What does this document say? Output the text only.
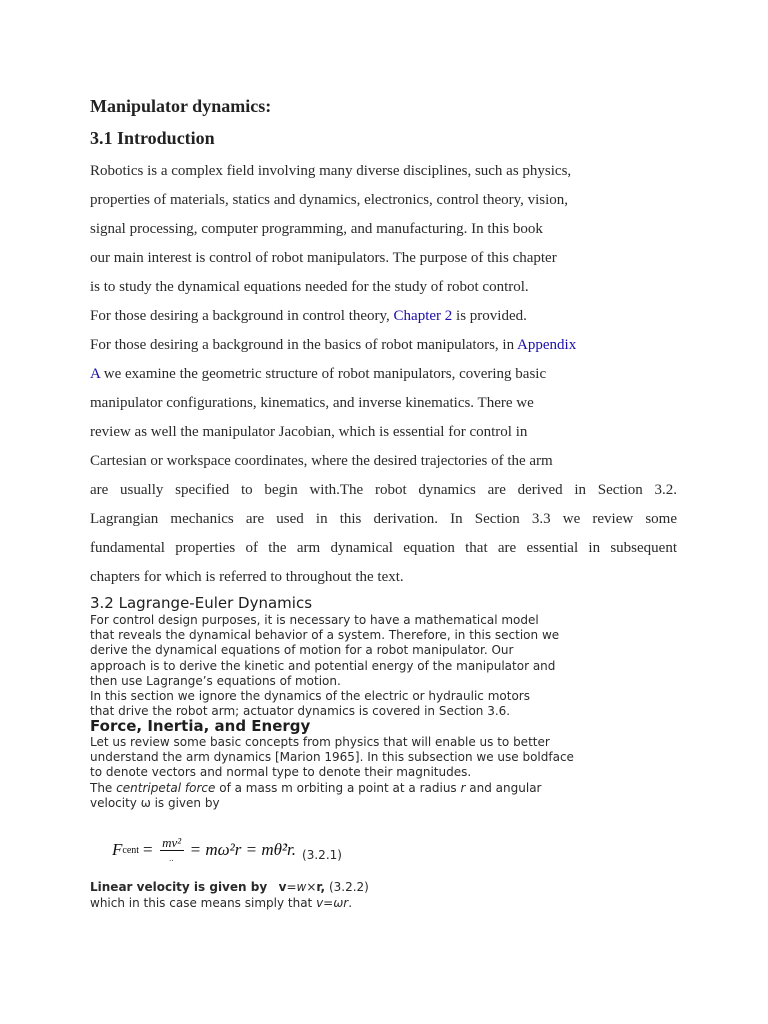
Manipulator dynamics:
3.1 Introduction
Robotics is a complex field involving many diverse disciplines, such as physics,
properties of materials, statics and dynamics, electronics, control theory, vision,
signal processing, computer programming, and manufacturing. In this book
our main interest is control of robot manipulators. The purpose of this chapter
is to study the dynamical equations needed for the study of robot control.
For those desiring a background in control theory, Chapter 2 is provided.
For those desiring a background in the basics of robot manipulators, in Appendix
A we examine the geometric structure of robot manipulators, covering basic
manipulator configurations, kinematics, and inverse kinematics. There we
review as well the manipulator Jacobian, which is essential for control in
Cartesian or workspace coordinates, where the desired trajectories of the arm
are usually specified to begin with.The robot dynamics are derived in Section 3.2.
Lagrangian mechanics are used in this derivation. In Section 3.3 we review some
fundamental properties of the arm dynamical equation that are essential in subsequent
chapters for which is referred to throughout the text.
3.2 Lagrange-Euler Dynamics
For control design purposes, it is necessary to have a mathematical model
that reveals the dynamical behavior of a system. Therefore, in this section we
derive the dynamical equations of motion for a robot manipulator. Our
approach is to derive the kinetic and potential energy of the manipulator and
then use Lagrange’s equations of motion.
In this section we ignore the dynamics of the electric or hydraulic motors
that drive the robot arm; actuator dynamics is covered in Section 3.6.
Force, Inertia, and Energy
Let us review some basic concepts from physics that will enable us to better
understand the arm dynamics [Marion 1965]. In this subsection we use boldface
to denote vectors and normal type to denote their magnitudes.
The centripetal force of a mass m orbiting a point at a radius r and angular
velocity ω is given by
F cent = $\frac{\text{mv²}}{..} = m\omega^2r$ = mθ̇²r. (3.2.1)
Linear velocity is given by v=w×r, (3.2.2)
which in this case means simply that v=ωr.
